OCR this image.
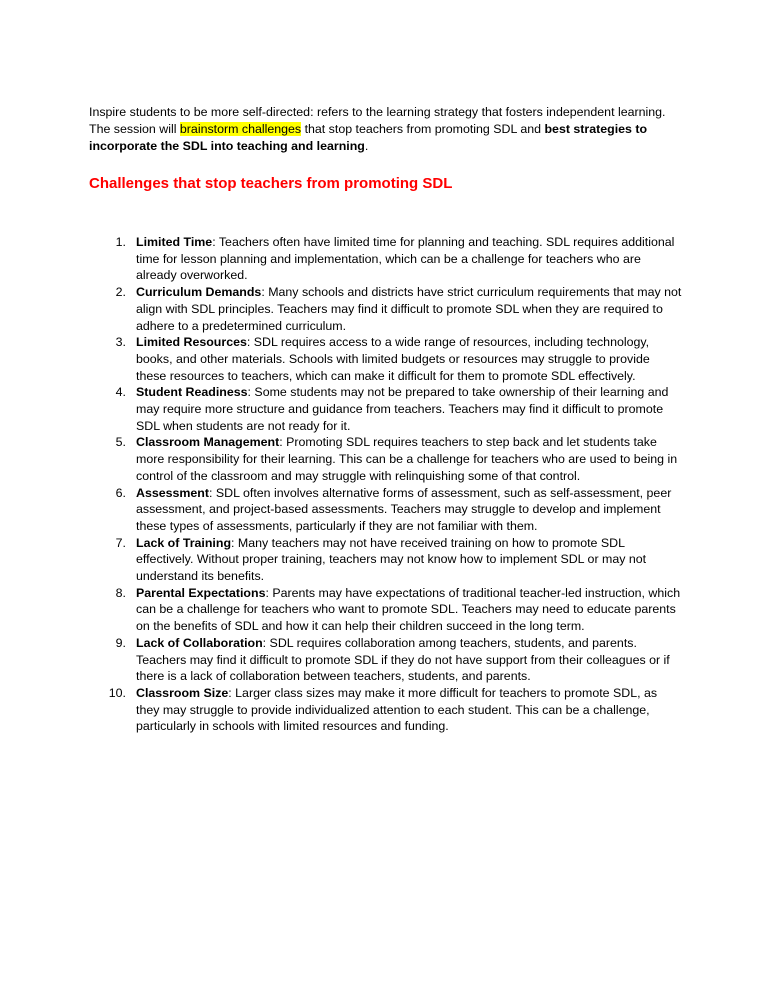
Inspire students to be more self-directed: refers to the learning strategy that fosters independent learning. The session will brainstorm challenges that stop teachers from promoting SDL and best strategies to incorporate the SDL into teaching and learning.

Challenges that stop teachers from promoting SDL
1. Limited Time: Teachers often have limited time for planning and teaching. SDL requires additional time for lesson planning and implementation, which can be a challenge for teachers who are already overworked.
2. Curriculum Demands: Many schools and districts have strict curriculum requirements that may not align with SDL principles. Teachers may find it difficult to promote SDL when they are required to adhere to a predetermined curriculum.
3. Limited Resources: SDL requires access to a wide range of resources, including technology, books, and other materials. Schools with limited budgets or resources may struggle to provide these resources to teachers, which can make it difficult for them to promote SDL effectively.
4. Student Readiness: Some students may not be prepared to take ownership of their learning and may require more structure and guidance from teachers. Teachers may find it difficult to promote SDL when students are not ready for it.
5. Classroom Management: Promoting SDL requires teachers to step back and let students take more responsibility for their learning. This can be a challenge for teachers who are used to being in control of the classroom and may struggle with relinquishing some of that control.
6. Assessment: SDL often involves alternative forms of assessment, such as self-assessment, peer assessment, and project-based assessments. Teachers may struggle to develop and implement these types of assessments, particularly if they are not familiar with them.
7. Lack of Training: Many teachers may not have received training on how to promote SDL effectively. Without proper training, teachers may not know how to implement SDL or may not understand its benefits.
8. Parental Expectations: Parents may have expectations of traditional teacher-led instruction, which can be a challenge for teachers who want to promote SDL. Teachers may need to educate parents on the benefits of SDL and how it can help their children succeed in the long term.
9. Lack of Collaboration: SDL requires collaboration among teachers, students, and parents. Teachers may find it difficult to promote SDL if they do not have support from their colleagues or if there is a lack of collaboration between teachers, students, and parents.
10. Classroom Size: Larger class sizes may make it more difficult for teachers to promote SDL, as they may struggle to provide individualized attention to each student. This can be a challenge, particularly in schools with limited resources and funding.
